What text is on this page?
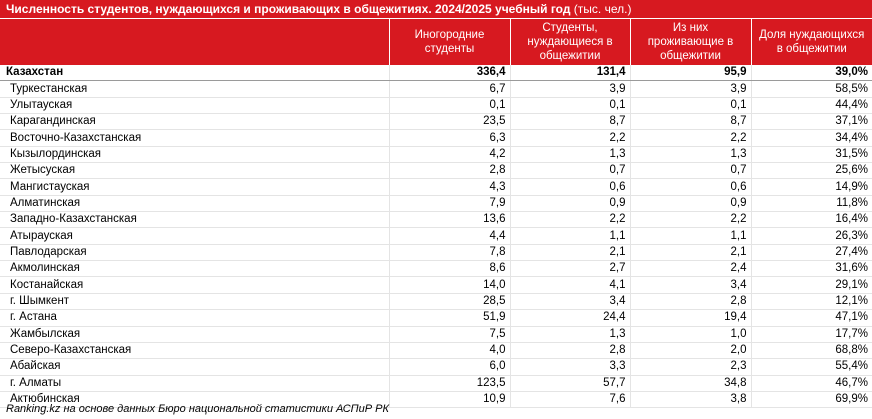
Численность студентов, нуждающихся и проживающих в общежитиях. 2024/2025 учебный год (тыс. чел.)
	Иногородние студенты	Студенты, нуждающиеся в общежитии	Из них проживающие в общежитии	Доля нуждающихся в общежитии
Казахстан	336,4	131,4	95,9	39,0%
Туркестанская	6,7	3,9	3,9	58,5%
Улытауская	0,1	0,1	0,1	44,4%
Карагандинская	23,5	8,7	8,7	37,1%
Восточно-Казахстанская	6,3	2,2	2,2	34,4%
Кызылординская	4,2	1,3	1,3	31,5%
Жетысуская	2,8	0,7	0,7	25,6%
Мангистауская	4,3	0,6	0,6	14,9%
Алматинская	7,9	0,9	0,9	11,8%
Западно-Казахстанская	13,6	2,2	2,2	16,4%
Атырауская	4,4	1,1	1,1	26,3%
Павлодарская	7,8	2,1	2,1	27,4%
Акмолинская	8,6	2,7	2,4	31,6%
Костанайская	14,0	4,1	3,4	29,1%
г. Шымкент	28,5	3,4	2,8	12,1%
г. Астана	51,9	24,4	19,4	47,1%
Жамбылская	7,5	1,3	1,0	17,7%
Северо-Казахстанская	4,0	2,8	2,0	68,8%
Абайская	6,0	3,3	2,3	55,4%
г. Алматы	123,5	57,7	34,8	46,7%
Актюбинская	10,9	7,6	3,8	69,9%
Ranking.kz на основе данных Бюро национальной статистики АСПиР РК
